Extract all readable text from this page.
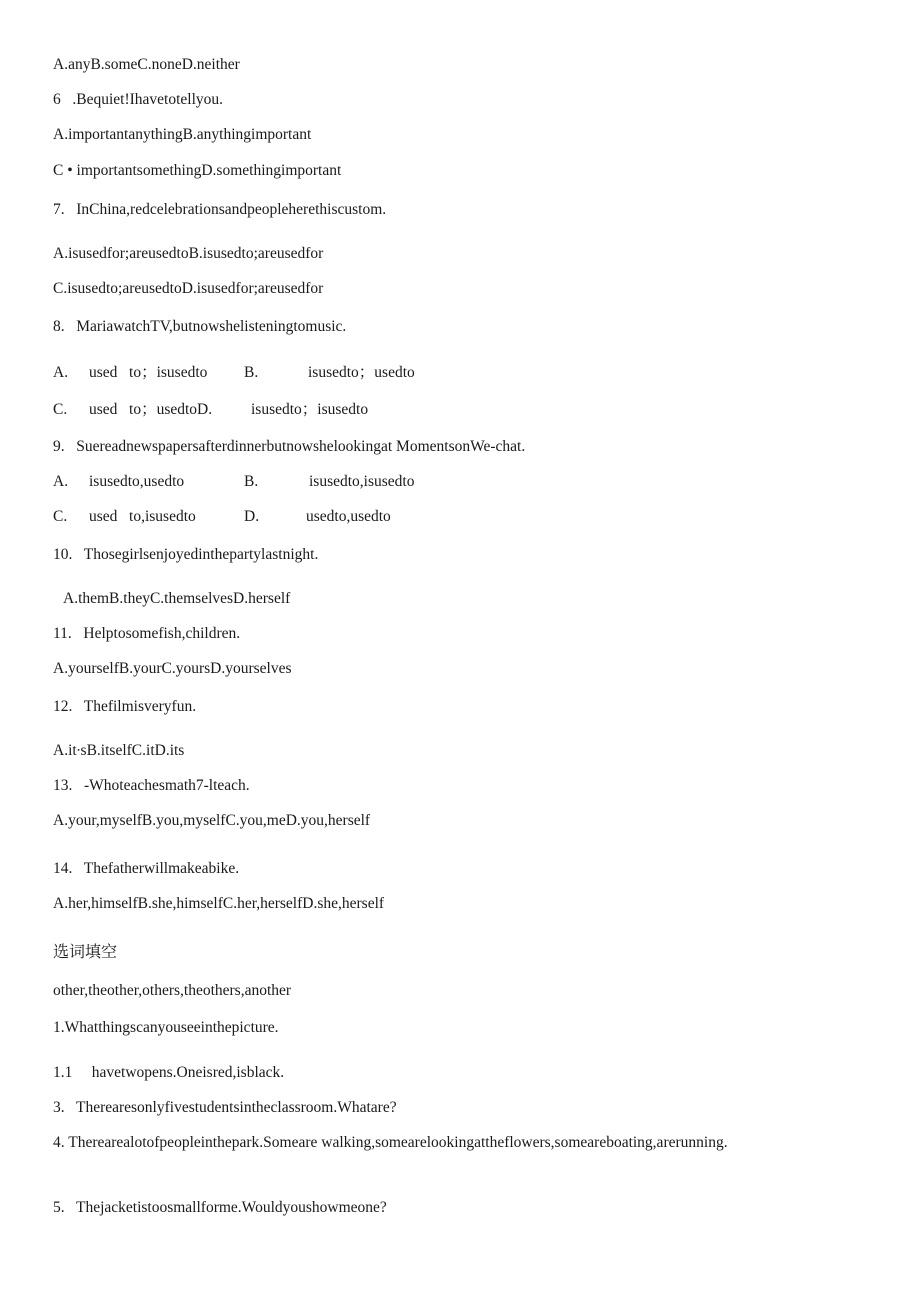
A.anyB.someC.noneD.neither
6   .Bequiet!Ihavetotellyou.
A.importantanythingB.anythingimportant
C • importantsomethingD.somethingimportant
7.   InChina,redcelebrationsandpeopleherethiscustom.
A.isusedfor;areusedtoB.isusedto;areusedfor
C.isusedto;areusedtoD.isusedfor;areusedfor
8.   MariawatchTV,butnowshelisteningtomusic.
A. used   to；isusedto B.	isusedto；usedto
C. used   to；usedtoD.	isusedto；isusedto
9.   Suereadnewspapersafterdinnerbutnowshelookingat MomentsonWe-chat.
A. isusedto,usedto	B.	isusedto,isusedto
C. used   to,isusedto	D.	usedto,usedto
10.   Thosegirlsenjoyedinthepartylastnight.
A.themB.theyC.themselvesD.herself
11.   Helptosomefish,children.
A.yourselfB.yourC.yoursD.yourselves
12.   Thefilmisveryfun.
A.it∙sB.itselfC.itD.its
13.   -Whoteachesmath7-lteach.
A.your,myselfB.you,myselfC.you,meD.you,herself
14.   Thefatherwillmakeabike.
A.her,himselfB.she,himselfC.her,herselfD.she,herself
选词填空
other,theother,others,theothers,another
1.Whatthingscanyouseeinthepicture.
1.1     havetwopens.Oneisred,isblack.
3.   Therearesonlyfivestudentsintheclassroom.Whatare?
4. Therearealotofpeopleinthepark.Someare walking,somearelookingattheflowers,someareboating,arerunning.
5.   Thejacketistoosmallforme.Wouldyoushowmeone?
